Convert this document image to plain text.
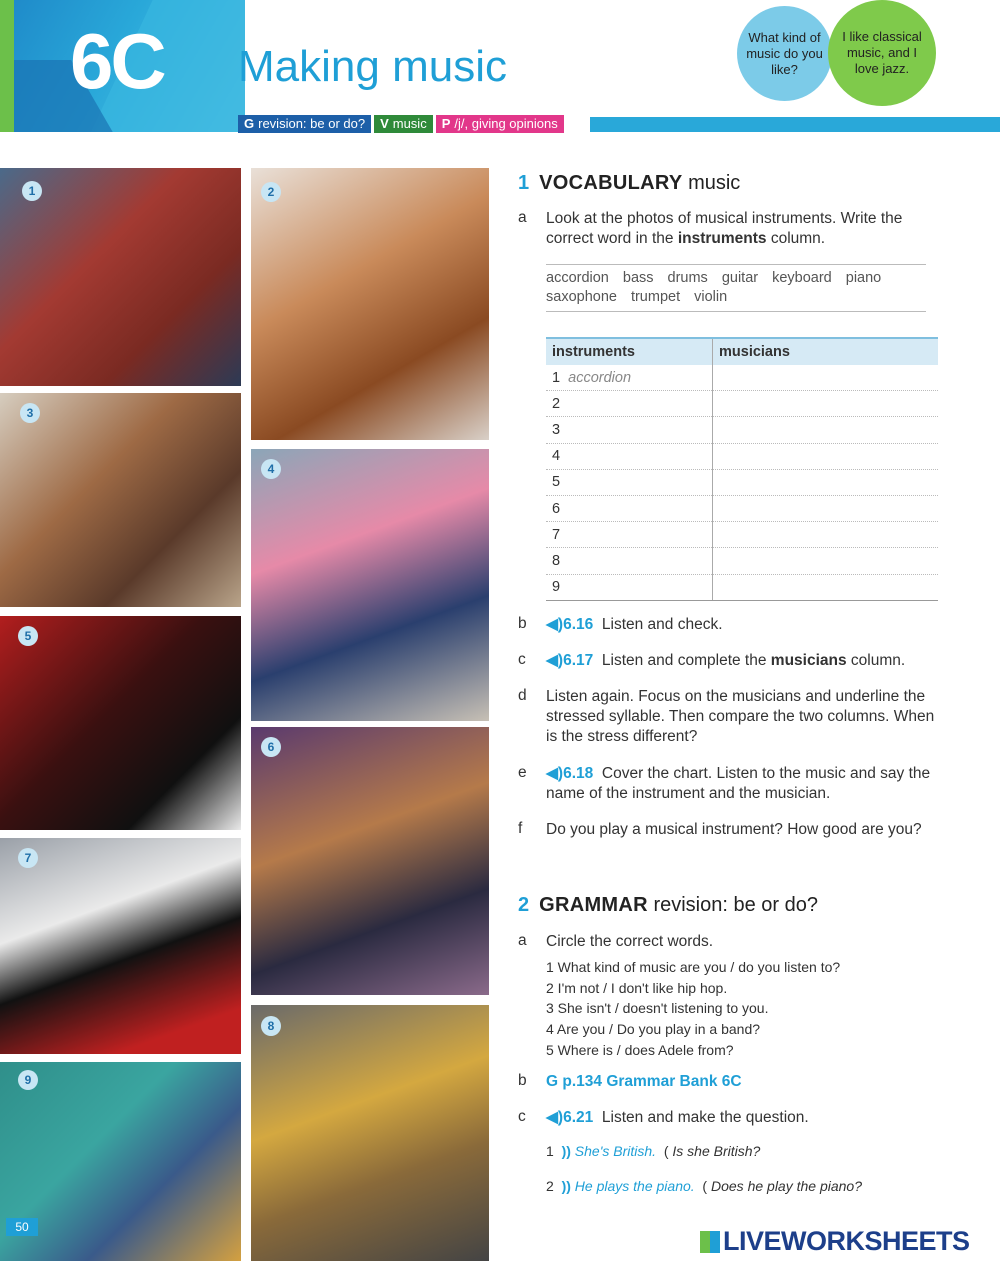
6C Making music
G revision: be or do? V music P /j/, giving opinions
What kind of music do you like?
I like classical music, and I love jazz.
1	2
3
4
5
6
7
8
9
50
1 VOCABULARY music
a Look at the photos of musical instruments. Write the correct word in the instruments column.
accordion bass drums guitar keyboard piano
saxophone trumpet violin
instruments	musicians
1 accordion	
2	
3	
4	
5	
6	
7	
8	
9	
b ◀)6.16 Listen and check.
c ◀)6.17 Listen and complete the musicians column.
d Listen again. Focus on the musicians and underline the stressed syllable. Then compare the two columns. When is the stress different?
e ◀)6.18 Cover the chart. Listen to the music and say the name of the instrument and the musician.
f Do you play a musical instrument? How good are you?
2 GRAMMAR revision: be or do?
a Circle the correct words.
1 What kind of music are you / do you listen to?
2 I'm not / I don't like hip hop.
3 She isn't / doesn't listening to you.
4 Are you / Do you play in a band?
5 Where is / does Adele from?
b G p.134 Grammar Bank 6C
c ◀)6.21 Listen and make the question.
1 )) She's British.  ( Is she British?
2 )) He plays the piano.  ( Does he play the piano?
LIVEWORKSHEETS
